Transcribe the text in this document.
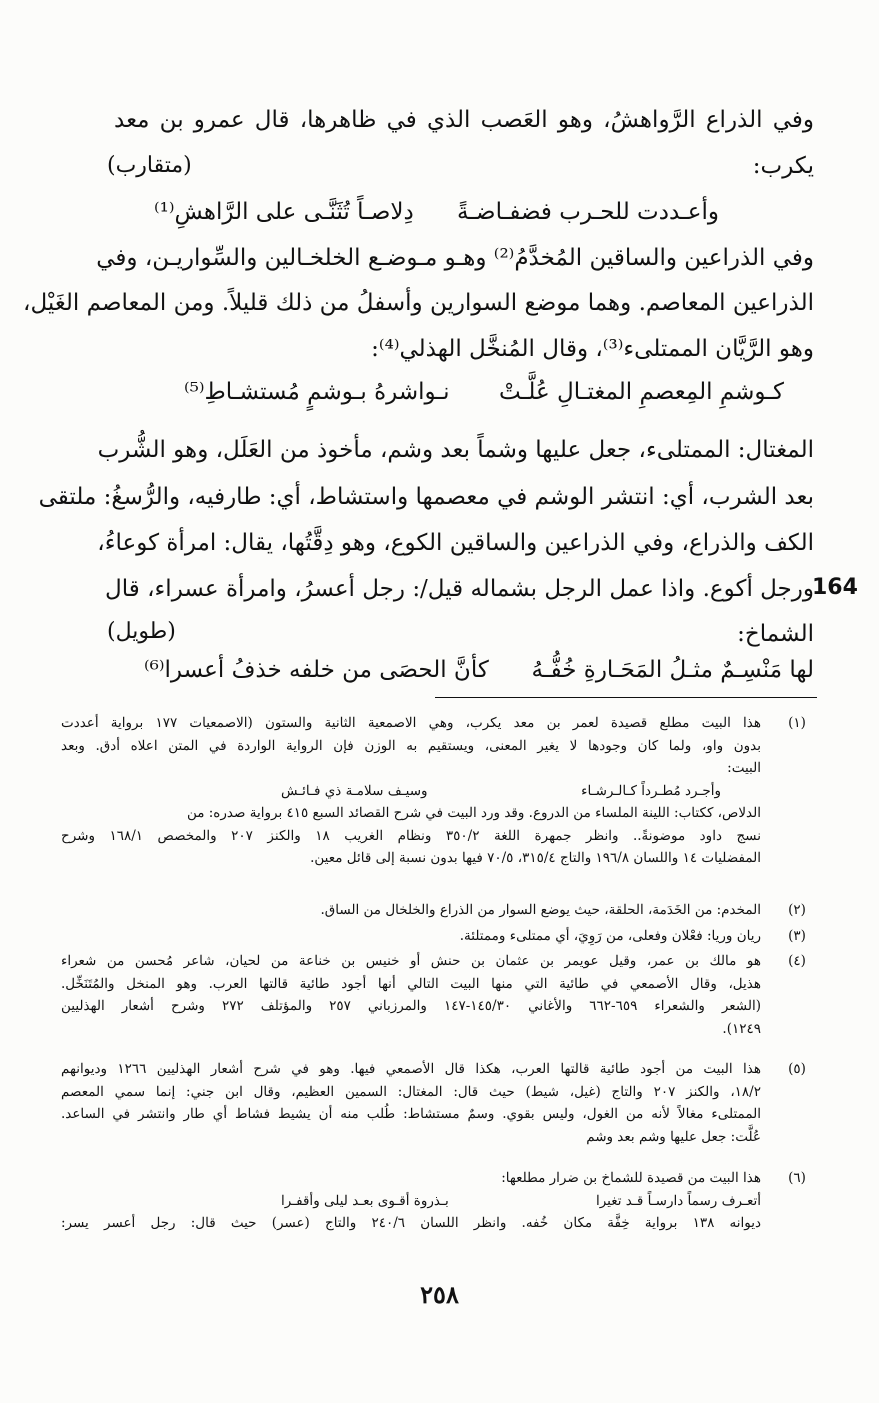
وفي الذراع الرَّواهشُ، وهو العَصب الذي في ظاهرها، قال عمرو بن معد
يكرب:
(متقارب)
وأعـددت للحـرب فضفـاضـةً
دِلاصـاً تُثَنَّـى على الرَّاهشِ⁽¹⁾
وفي الذراعين والساقين المُخدَّمُ⁽²⁾ وهـو مـوضـع الخلخـالين والسِّواريـن، وفي
الذراعين المعاصم. وهما موضع السوارين وأسفلُ من ذلك قليلاً. ومن المعاصم الغَيْل،
وهو الرَّيَّان الممتلىء⁽³⁾، وقال المُنخَّل الهذلي⁽⁴⁾:
كـوشمِ المِعصمِ المغتـالِ عُلَّـتْ
نـواشرهُ بـوشمٍ مُستشـاطِ⁽⁵⁾
المغتال: الممتلىء، جعل عليها وشماً بعد وشم، مأخوذ من العَلَل، وهو الشُّرب
بعد الشرب، أي: انتشر الوشم في معصمها واستشاط، أي: طارفيه، والرُّسغُ: ملتقى
الكف والذراع، وفي الذراعين والساقين الكوع، وهو دِقَّتُها، يقال: امرأة كوعاءُ،
ورجل أكوع. واذا عمل الرجل بشماله قيل/: رجل أعسرُ، وامرأة عسراء، قال
164
الشماخ:
(طويل)
لها مَنْسِـمٌ مثـلُ المَحَـارةِ خُفُّـهُ
كأنَّ الحصَى من خلفه خذفُ أعسرا⁽⁶⁾
(١)
هذا البيت مطلع قصيدة لعمر بن معد يكرب، وهي الاصمعية الثانية والستون (الاصمعيات ١٧٧ برواية أعددت
بدون واو، ولما كان وجودها لا يغير المعنى، ويستقيم به الوزن فإن الرواية الواردة في المتن اعلاه أدق. وبعد
البيت:
وأجـرد مُطـرداً كـالـرشـاء
وسيـف سلامـة ذي فـائـش
الدلاص، ككتاب: اللينة الملساء من الدروع. وقد ورد البيت في شرح القصائد السبع ٤١٥ برواية صدره: من
نسج داود موضونةً.. وانظر جمهرة اللغة ٣٥٠/٢ ونظام الغريب ١٨ والكنز ٢٠٧ والمخصص ١٦٨/١ وشرح
المفضليات ١٤ واللسان ١٩٦/٨ والتاج ٣١٥/٤، ٧٠/٥ فيها بدون نسبة إلى قائل معين.
(٢)
المخدم: من الخَدَمة، الحلقة، حيث يوضع السوار من الذراع والخلخال من الساق.
(٣)
ريان وريا: فعْلان وفعلى، من رَوِيَ، أي ممتلىء وممتلئة.
(٤)
هو مالك بن عمر، وقيل عويمر بن عثمان بن حنش أو خنيس بن خناعة من لحيان، شاعر مُحسن من شعراء
هذيل، وقال الأصمعي في طائية التي منها البيت التالي أنها أجود طائية قالتها العرب. وهو المنخل والمُتَنَخِّل.
(الشعر والشعراء ٦٥٩-٦٦٢ والأغاني ١٤٥/٣٠-١٤٧ والمرزباني ٢٥٧ والمؤتلف ٢٧٢ وشرح أشعار الهذليين
١٢٤٩).
(٥)
هذا البيت من أجود طائية قالتها العرب، هكذا قال الأصمعي فيها. وهو في شرح أشعار الهذليين ١٢٦٦ وديوانهم
١٨/٢، والكنز ٢٠٧ والتاج (غيل، شيط) حيث قال: المغتال: السمين العظيم، وقال ابن جني: إنما سمي المعصم
الممتلىء مغالاً لأنه من الغول، وليس بقوي. وسمٌ مستشاط: طُلب منه أن يشيط فشاط أي طار وانتشر في الساعد.
عُلَّت: جعل عليها وشم بعد وشم
(٦)
هذا البيت من قصيدة للشماخ بن ضرار مطلعها:
أتعـرف رسماً دارسـاً قـد تغيرا
بـذروة أقـوى بعـد ليلى وأقفـرا
ديوانه ١٣٨ برواية خِفَّة مكان خُفه. وانظر اللسان ٢٤٠/٦ والتاج (عسر) حيث قال: رجل أعسر يسر:
٢٥٨
